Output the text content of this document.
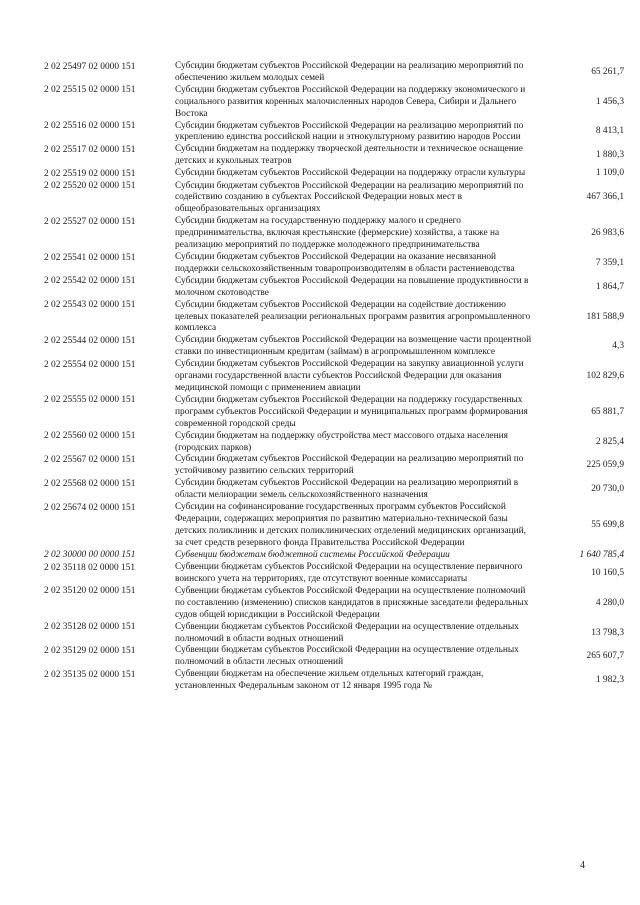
2 02 25497 02 0000 151	Субсидии бюджетам субъектов Российской Федерации на реализацию мероприятий по обеспечению жильем молодых семей	65 261,7
2 02 25515 02 0000 151	Субсидии бюджетам субъектов Российской Федерации на поддержку экономического и социального развития коренных малочисленных народов Севера, Сибири и Дальнего Востока	1 456,3
2 02 25516 02 0000 151	Субсидии бюджетам субъектов Российской Федерации на реализацию мероприятий по укреплению единства российской нации и этнокультурному развитию народов России	8 413,1
2 02 25517 02 0000 151	Субсидии бюджетам на поддержку творческой деятельности и техническое оснащение детских и кукольных театров	1 880,3
2 02 25519 02 0000 151	Субсидии бюджетам субъектов Российской Федерации на поддержку отрасли культуры	1 109,0
2 02 25520 02 0000 151	Субсидии бюджетам субъектов Российской Федерации на реализацию мероприятий по содействию созданию в субъектах Российской Федерации новых мест в общеобразовательных организациях	467 366,1
2 02 25527 02 0000 151	Субсидии бюджетам на государственную поддержку малого и среднего предпринимательства, включая крестьянские (фермерские) хозяйства, а также на реализацию мероприятий по поддержке молодежного предпринимательства	26 983,6
2 02 25541 02 0000 151	Субсидии бюджетам субъектов Российской Федерации на оказание несвязанной поддержки сельскохозяйственным товаропроизводителям в области растениеводства	7 359,1
2 02 25542 02 0000 151	Субсидии бюджетам субъектов Российской Федерации на повышение продуктивности в молочном скотоводстве	1 864,7
2 02 25543 02 0000 151	Субсидии бюджетам субъектов Российской Федерации на содействие достижению целевых показателей реализации региональных программ развития агропромышленного комплекса	181 588,9
2 02 25544 02 0000 151	Субсидии бюджетам субъектов Российской Федерации на возмещение части процентной ставки по инвестиционным кредитам (займам) в агропромышленном комплексе	4,3
2 02 25554 02 0000 151	Субсидии бюджетам субъектов Российской Федерации на закупку авиационной услуги органами государственной власти субъектов Российской Федерации для оказания медицинской помощи с применением авиации	102 829,6
2 02 25555 02 0000 151	Субсидии бюджетам субъектов Российской Федерации на поддержку государственных программ субъектов Российской Федерации и муниципальных программ формирования современной городской среды	65 881,7
2 02 25560 02 0000 151	Субсидии бюджетам на поддержку обустройства мест массового отдыха населения (городских парков)	2 825,4
2 02 25567 02 0000 151	Субсидии бюджетам субъектов Российской Федерации на реализацию мероприятий по устойчивому развитию сельских территорий	225 059,9
2 02 25568 02 0000 151	Субсидии бюджетам субъектов Российской Федерации на реализацию мероприятий в области мелиорации земель сельскохозяйственного назначения	20 730,0
2 02 25674 02 0000 151	Субсидии на софинансирование государственных программ субъектов Российской Федерации, содержащих мероприятия по развитию материально-технической базы детских поликлиник и детских поликлинических отделений медицинских организаций, за счет средств резервного фонда Правительства Российской Федерации	55 699,8
2 02 30000 00 0000 151	Субвенции бюджетам бюджетной системы Российской Федерации	1 640 785,4
2 02 35118 02 0000 151	Субвенции бюджетам субъектов Российской Федерации на осуществление первичного воинского учета на территориях, где отсутствуют военные комиссариаты	10 160,5
2 02 35120 02 0000 151	Субвенции бюджетам субъектов Российской Федерации на осуществление полномочий по составлению (изменению) списков кандидатов в присяжные заседатели федеральных судов общей юрисдикции в Российской Федерации	4 280,0
2 02 35128 02 0000 151	Субвенции бюджетам субъектов Российской Федерации на осуществление отдельных полномочий в области водных отношений	13 798,3
2 02 35129 02 0000 151	Субвенции бюджетам субъектов Российской Федерации на осуществление отдельных полномочий в области лесных отношений	265 607,7
2 02 35135 02 0000 151	Субвенции бюджетам на обеспечение жильем отдельных категорий граждан, установленных Федеральным законом от 12 января 1995 года №	1 982,3
4
